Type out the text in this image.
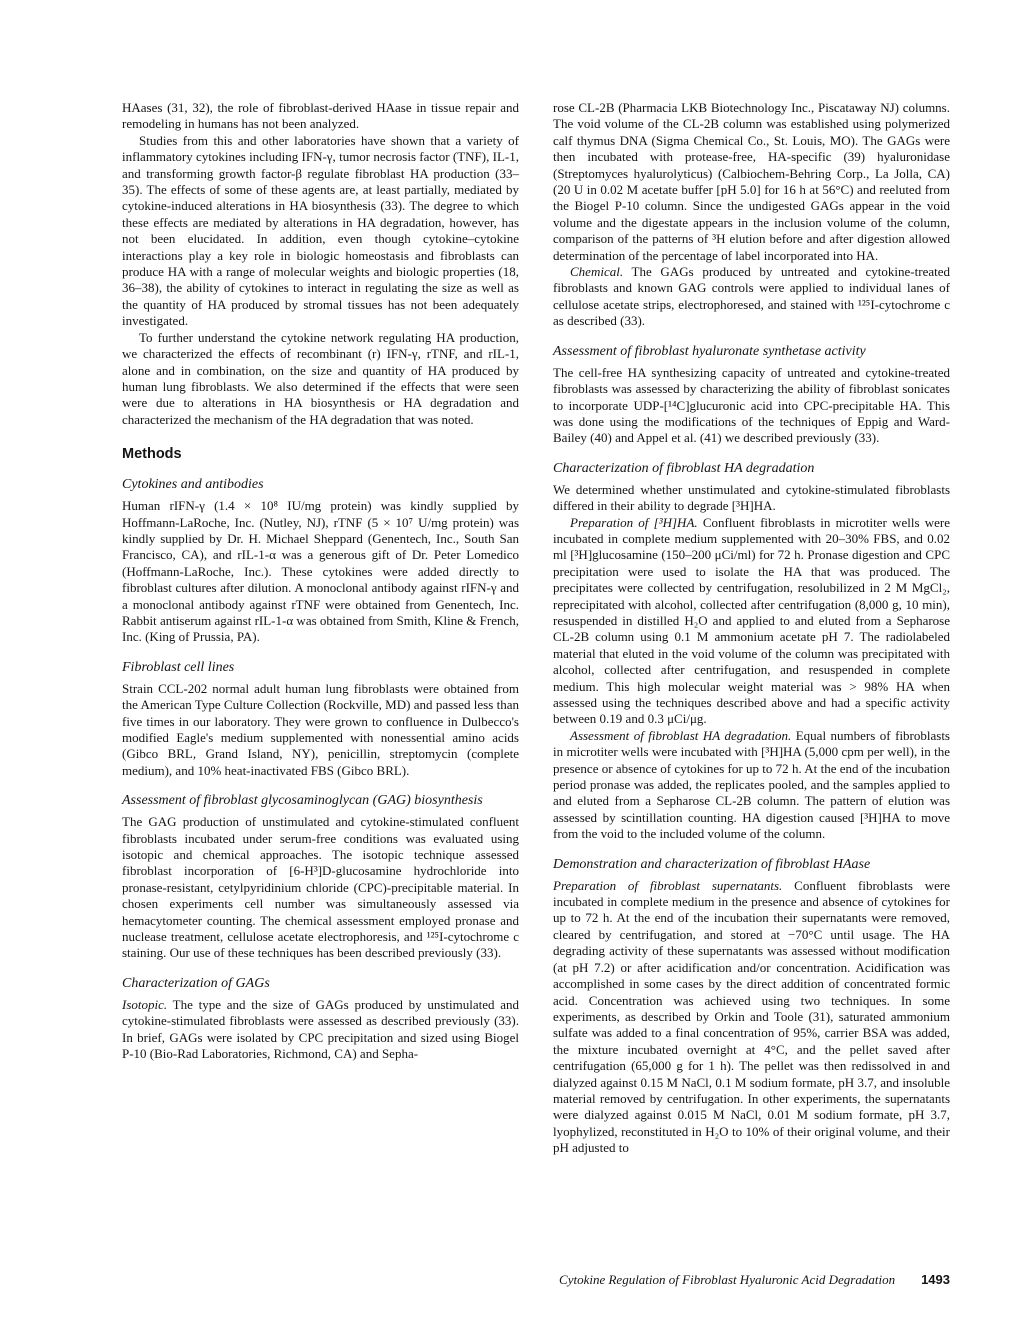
HAases (31, 32), the role of fibroblast-derived HAase in tissue repair and remodeling in humans has not been analyzed.

Studies from this and other laboratories have shown that a variety of inflammatory cytokines including IFN-γ, tumor necrosis factor (TNF), IL-1, and transforming growth factor-β regulate fibroblast HA production (33–35). The effects of some of these agents are, at least partially, mediated by cytokine-induced alterations in HA biosynthesis (33). The degree to which these effects are mediated by alterations in HA degradation, however, has not been elucidated. In addition, even though cytokine–cytokine interactions play a key role in biologic homeostasis and fibroblasts can produce HA with a range of molecular weights and biologic properties (18, 36–38), the ability of cytokines to interact in regulating the size as well as the quantity of HA produced by stromal tissues has not been adequately investigated.

To further understand the cytokine network regulating HA production, we characterized the effects of recombinant (r) IFN-γ, rTNF, and rIL-1, alone and in combination, on the size and quantity of HA produced by human lung fibroblasts. We also determined if the effects that were seen were due to alterations in HA biosynthesis or HA degradation and characterized the mechanism of the HA degradation that was noted.

Methods
Cytokines and antibodies

Human rIFN-γ (1.4 × 10⁸ IU/mg protein) was kindly supplied by Hoffmann-LaRoche, Inc. (Nutley, NJ), rTNF (5 × 10⁷ U/mg protein) was kindly supplied by Dr. H. Michael Sheppard (Genentech, Inc., South San Francisco, CA), and rIL-1-α was a generous gift of Dr. Peter Lomedico (Hoffmann-LaRoche, Inc.). These cytokines were added directly to fibroblast cultures after dilution. A monoclonal antibody against rIFN-γ and a monoclonal antibody against rTNF were obtained from Genentech, Inc. Rabbit antiserum against rIL-1-α was obtained from Smith, Kline & French, Inc. (King of Prussia, PA).

Fibroblast cell lines

Strain CCL-202 normal adult human lung fibroblasts were obtained from the American Type Culture Collection (Rockville, MD) and passed less than five times in our laboratory. They were grown to confluence in Dulbecco's modified Eagle's medium supplemented with nonessential amino acids (Gibco BRL, Grand Island, NY), penicillin, streptomycin (complete medium), and 10% heat-inactivated FBS (Gibco BRL).

Assessment of fibroblast glycosaminoglycan (GAG) biosynthesis

The GAG production of unstimulated and cytokine-stimulated confluent fibroblasts incubated under serum-free conditions was evaluated using isotopic and chemical approaches. The isotopic technique assessed fibroblast incorporation of [6-H³]D-glucosamine hydrochloride into pronase-resistant, cetylpyridinium chloride (CPC)-precipitable material. In chosen experiments cell number was simultaneously assessed via hemacytometer counting. The chemical assessment employed pronase and nuclease treatment, cellulose acetate electrophoresis, and ¹²⁵I-cytochrome c staining. Our use of these techniques has been described previously (33).

Characterization of GAGs

Isotopic. The type and the size of GAGs produced by unstimulated and cytokine-stimulated fibroblasts were assessed as described previously (33). In brief, GAGs were isolated by CPC precipitation and sized using Biogel P-10 (Bio-Rad Laboratories, Richmond, CA) and Sepha-

rose CL-2B (Pharmacia LKB Biotechnology Inc., Piscataway NJ) columns. The void volume of the CL-2B column was established using polymerized calf thymus DNA (Sigma Chemical Co., St. Louis, MO). The GAGs were then incubated with protease-free, HA-specific (39) hyaluronidase (Streptomyces hyalurolyticus) (Calbiochem-Behring Corp., La Jolla, CA) (20 U in 0.02 M acetate buffer [pH 5.0] for 16 h at 56°C) and reeluted from the Biogel P-10 column. Since the undigested GAGs appear in the void volume and the digestate appears in the inclusion volume of the column, comparison of the patterns of ³H elution before and after digestion allowed determination of the percentage of label incorporated into HA.

Chemical. The GAGs produced by untreated and cytokine-treated fibroblasts and known GAG controls were applied to individual lanes of cellulose acetate strips, electrophoresed, and stained with ¹²⁵I-cytochrome c as described (33).

Assessment of fibroblast hyaluronate synthetase activity

The cell-free HA synthesizing capacity of untreated and cytokine-treated fibroblasts was assessed by characterizing the ability of fibroblast sonicates to incorporate UDP-[¹⁴C]glucuronic acid into CPC-precipitable HA. This was done using the modifications of the techniques of Eppig and Ward-Bailey (40) and Appel et al. (41) we described previously (33).

Characterization of fibroblast HA degradation

We determined whether unstimulated and cytokine-stimulated fibroblasts differed in their ability to degrade [³H]HA.

Preparation of [³H]HA. Confluent fibroblasts in microtiter wells were incubated in complete medium supplemented with 20–30% FBS, and 0.02 ml [³H]glucosamine (150–200 μCi/ml) for 72 h. Pronase digestion and CPC precipitation were used to isolate the HA that was produced. The precipitates were collected by centrifugation, resolubilized in 2 M MgCl₂, reprecipitated with alcohol, collected after centrifugation (8,000 g, 10 min), resuspended in distilled H₂O and applied to and eluted from a Sepharose CL-2B column using 0.1 M ammonium acetate pH 7. The radiolabeled material that eluted in the void volume of the column was precipitated with alcohol, collected after centrifugation, and resuspended in complete medium. This high molecular weight material was > 98% HA when assessed using the techniques described above and had a specific activity between 0.19 and 0.3 μCi/μg.

Assessment of fibroblast HA degradation. Equal numbers of fibroblasts in microtiter wells were incubated with [³H]HA (5,000 cpm per well), in the presence or absence of cytokines for up to 72 h. At the end of the incubation period pronase was added, the replicates pooled, and the samples applied to and eluted from a Sepharose CL-2B column. The pattern of elution was assessed by scintillation counting. HA digestion caused [³H]HA to move from the void to the included volume of the column.

Demonstration and characterization of fibroblast HAase

Preparation of fibroblast supernatants. Confluent fibroblasts were incubated in complete medium in the presence and absence of cytokines for up to 72 h. At the end of the incubation their supernatants were removed, cleared by centrifugation, and stored at −70°C until usage. The HA degrading activity of these supernatants was assessed without modification (at pH 7.2) or after acidification and/or concentration. Acidification was accomplished in some cases by the direct addition of concentrated formic acid. Concentration was achieved using two techniques. In some experiments, as described by Orkin and Toole (31), saturated ammonium sulfate was added to a final concentration of 95%, carrier BSA was added, the mixture incubated overnight at 4°C, and the pellet saved after centrifugation (65,000 g for 1 h). The pellet was then redissolved in and dialyzed against 0.15 M NaCl, 0.1 M sodium formate, pH 3.7, and insoluble material removed by centrifugation. In other experiments, the supernatants were dialyzed against 0.015 M NaCl, 0.01 M sodium formate, pH 3.7, lyophylized, reconstituted in H₂O to 10% of their original volume, and their pH adjusted to

Cytokine Regulation of Fibroblast Hyaluronic Acid Degradation 1493
